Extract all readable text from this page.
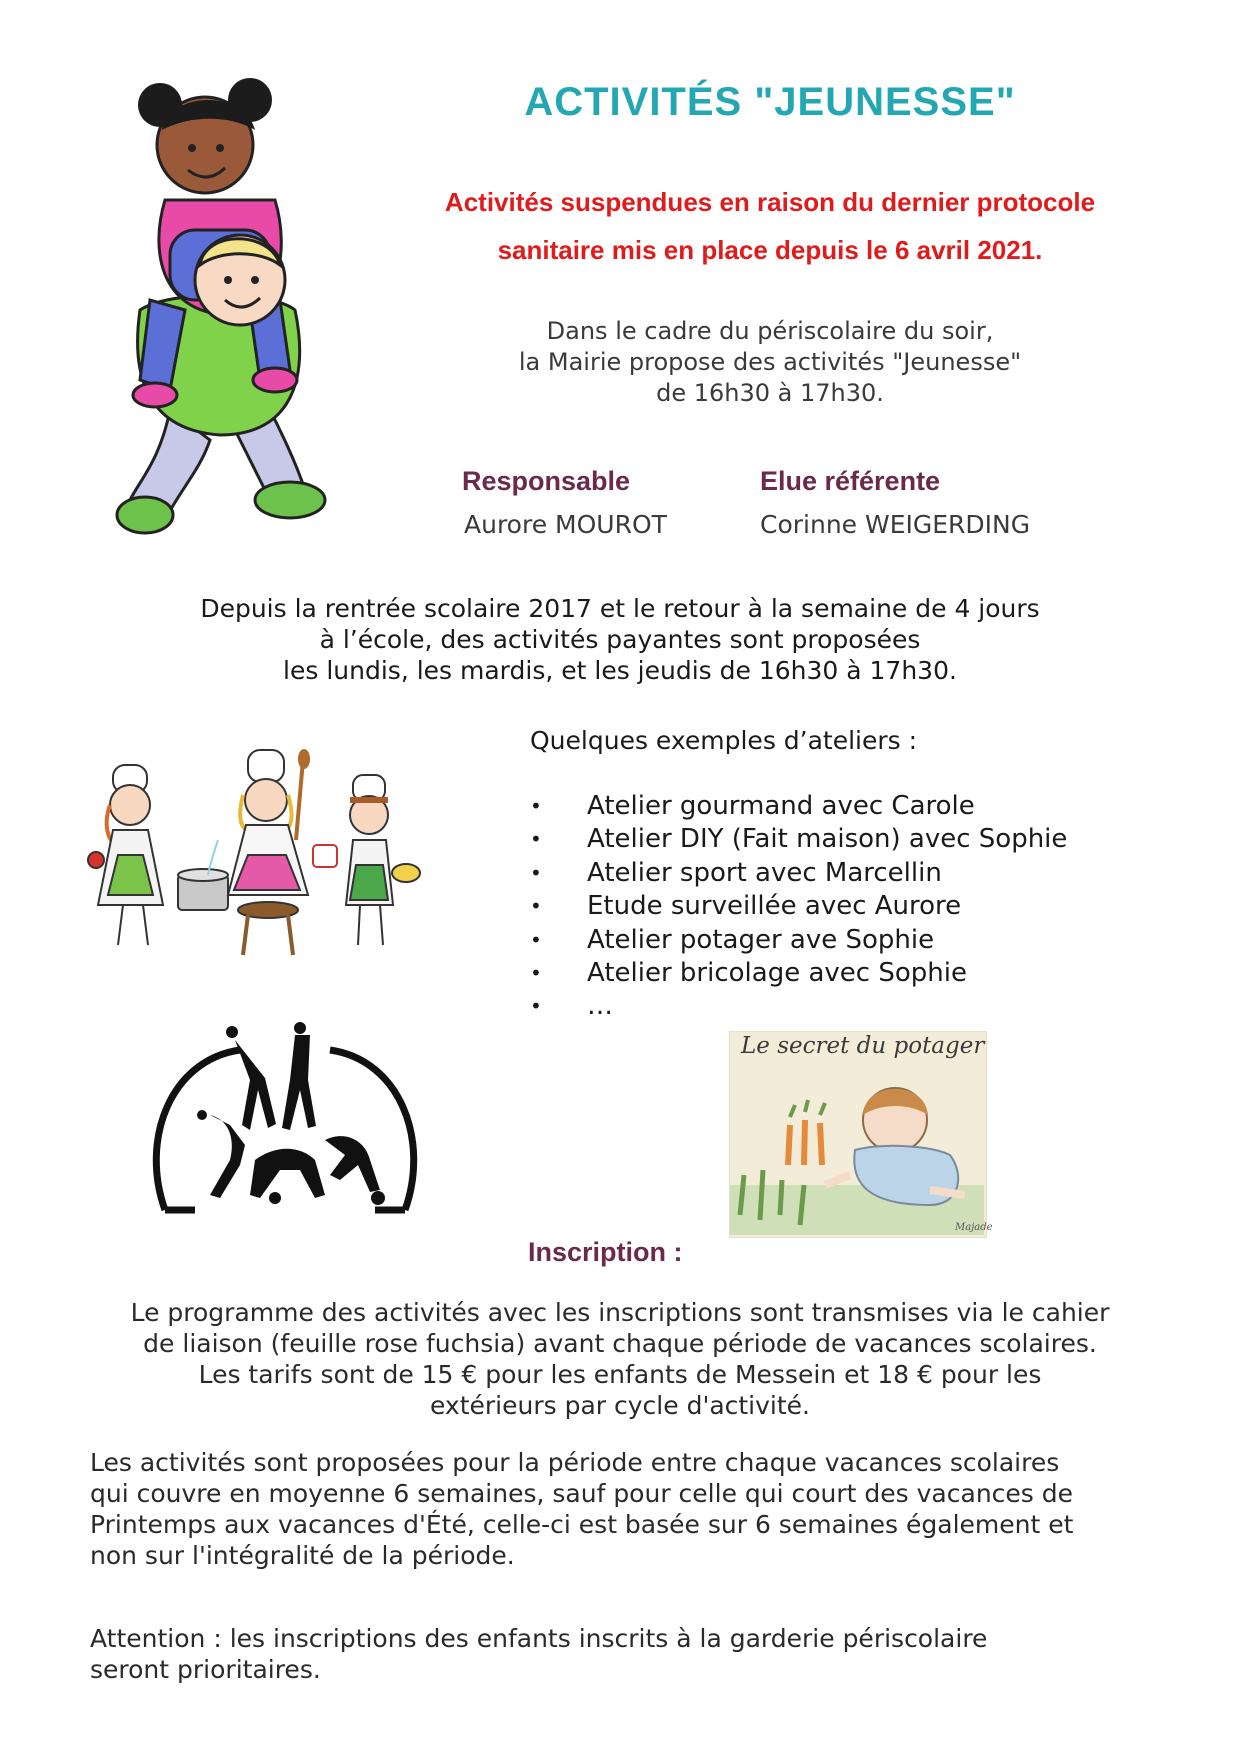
ACTIVITÉS "JEUNESSE"
Activités suspendues en raison du dernier protocole
sanitaire mis en place depuis le 6 avril 2021.
Dans le cadre du périscolaire du soir,
la Mairie propose des activités "Jeunesse"
de 16h30 à 17h30.
Responsable	Elue référente
Aurore MOUROT	Corinne WEIGERDING
Depuis la rentrée scolaire 2017 et le retour à la semaine de 4 jours
à l’école, des activités payantes sont proposées
les lundis, les mardis, et les jeudis de 16h30 à 17h30.
Quelques exemples d’ateliers :
• Atelier gourmand avec Carole
• Atelier DIY (Fait maison) avec Sophie
• Atelier sport avec Marcellin
• Etude surveillée avec Aurore
• Atelier potager ave Sophie
• Atelier bricolage avec Sophie
• …
Le secret du potager
Majade
Inscription :
Le programme des activités avec les inscriptions sont transmises via le cahier
de liaison (feuille rose fuchsia) avant chaque période de vacances scolaires.
Les tarifs sont de 15 € pour les enfants de Messein et 18 € pour les
extérieurs par cycle d'activité.
Les activités sont proposées pour la période entre chaque vacances scolaires
qui couvre en moyenne 6 semaines, sauf pour celle qui court des vacances de
Printemps aux vacances d'Été, celle-ci est basée sur 6 semaines également et
non sur l'intégralité de la période.
Attention : les inscriptions des enfants inscrits à la garderie périscolaire
seront prioritaires.
